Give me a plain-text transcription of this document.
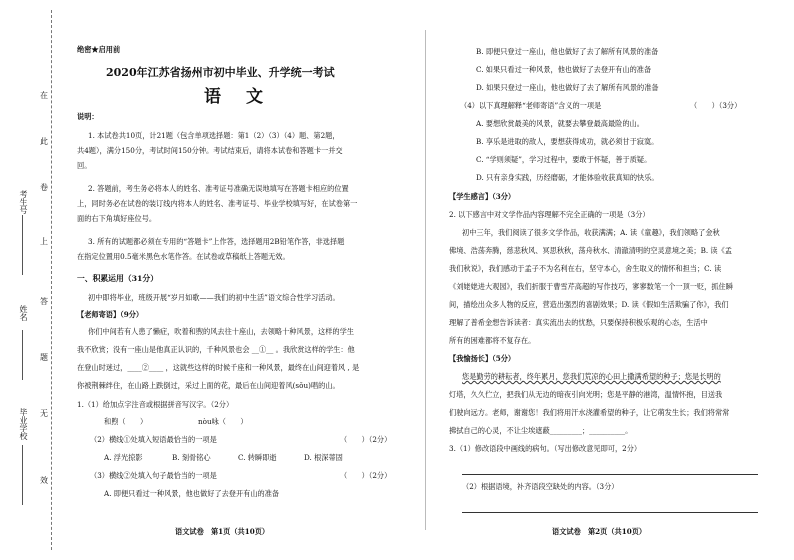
考生号
姓名
毕业学校
在
此
卷
上
答
题
无
效
绝密★启用前
2020年江苏省扬州市初中毕业、升学统一考试
语　文
说明：
1. 本试卷共10页，计21题（包含单项选择题：第1（2）（3）（4）题、第2题，
共4题），满分150分，考试时间150分钟。考试结束后，请将本试卷和答题卡一并交
回。
2. 答题前，考生务必将本人的姓名、准考证号准确无误地填写在答题卡相应的位置
上，同时务必在试卷的装订线内将本人的姓名、准考证号、毕业学校填写好，在试卷第一
面的右下角填好座位号。
3. 所有的试题都必须在专用的“答题卡”上作答，选择题用2B铅笔作答，非选择题
在指定位置用0.5毫米黑色水笔作答。在试卷或草稿纸上答题无效。
一、积累运用（31分）
初中即将毕业，班级开展“岁月如歌——我们的初中生活”语文综合性学习活动。
【老师寄语】（9分）
你们中间若有人患了懒症，吹着和煦的风去往十座山，去领略十种风景，这样的学生
我不欣赏；没有一座山是他真正认识的，千种风景也会 __①__ 。我欣赏这样的学生：他
在登山时迷过，____②____ ，这就些这样的时候千座和一种风景，最终在山间迎着风 , 是
你被荆棘绊住，在山路上跌倒过，采过上面的花，最后在山间迎着风(sǒu)唱的山。
1.（1）给加点字注音或根据拼音写汉字。（2分）
和煦（　　）	nòu咏（　　）
（2）横线①处填入短语最恰当的一项是	（　　）（2分）
A. 浮光掠影	B. 刻骨铭心	C. 转瞬即逝	D. 根深蒂固
（3）横线②处填入句子最恰当的一项是	（　　）（2分）
A. 即便只看过一种风景，他也做好了去登开有山的准备
语文试卷　第1页（共10页）
B. 即便只登过一座山，他也做好了去了解所有风景的准备
C. 如果只看过一种风景，他也做好了去登开有山的准备
D. 如果只登过一座山，他也做好了去了解所有风景的准备
（4）以下真理解释“老师寄语”含义的一项是	（　　）（3分）
A. 要想欣赏最美的风景，就要去攀登最高最险的山。
B. 享乐是进取的敌人，要想获得成功，就必须甘于寂寞。
C. “学则须疑”，学习过程中，要敢于怀疑，善于质疑。
D. 只有亲身实践，历经磨砺，才能体验收获真知的快乐。
【学生感言】（3分）
2. 以下感言中对文学作品内容理解不完全正确的一项是（3分）
初中三年，我们阅读了很多文学作品，收获满满；A. 读《童趣》，我们领略了金秋
佛境、浩荡奔腾，慈悲秋风、冥思秋秋，荡舟秋水、清澈清明的空灵意境之美；B. 读《孟
我们秋说》，我们感动于孟子不为名利在右，坚守本心，舍生取义的情怀和担当；C. 读
《刘姥姥进大观园》，我们折服于曹雪芹高超的写作技巧，寥寥数笔一个一顶一贬，抓住瞬
间，描绘出众多人物的反应，营造出强烈的喜剧效果；D. 读《假如生活欺骗了你》，我们
理解了普希金想告诉读者：真实流出去的忧愁，只要保持积极乐观的心态，生活中
所有的困难都将不复存在。
【我愉扬长】（5分）
您是勤劳的耕耘者，终年累月，您我们荒凉的心田上撒满希望的种子；您是长明的
灯塔，久久伫立，把我们从无边的暗夜引向光明；您是平静的港湾，温情怀抱，目送我
们驶向远方。老师，谢谢您！我们将用汗水浇灌希望的种子，让它萌发生长；我们将常常
拂拭自己的心灵，不让尘埃遮蔽_________；__________。
3.（1）修改语段中画线的病句。（写出修改意见即可，2分）
（2）根据语境，补齐语段空缺处的内容。（3分）
语文试卷　第2页（共10页）
